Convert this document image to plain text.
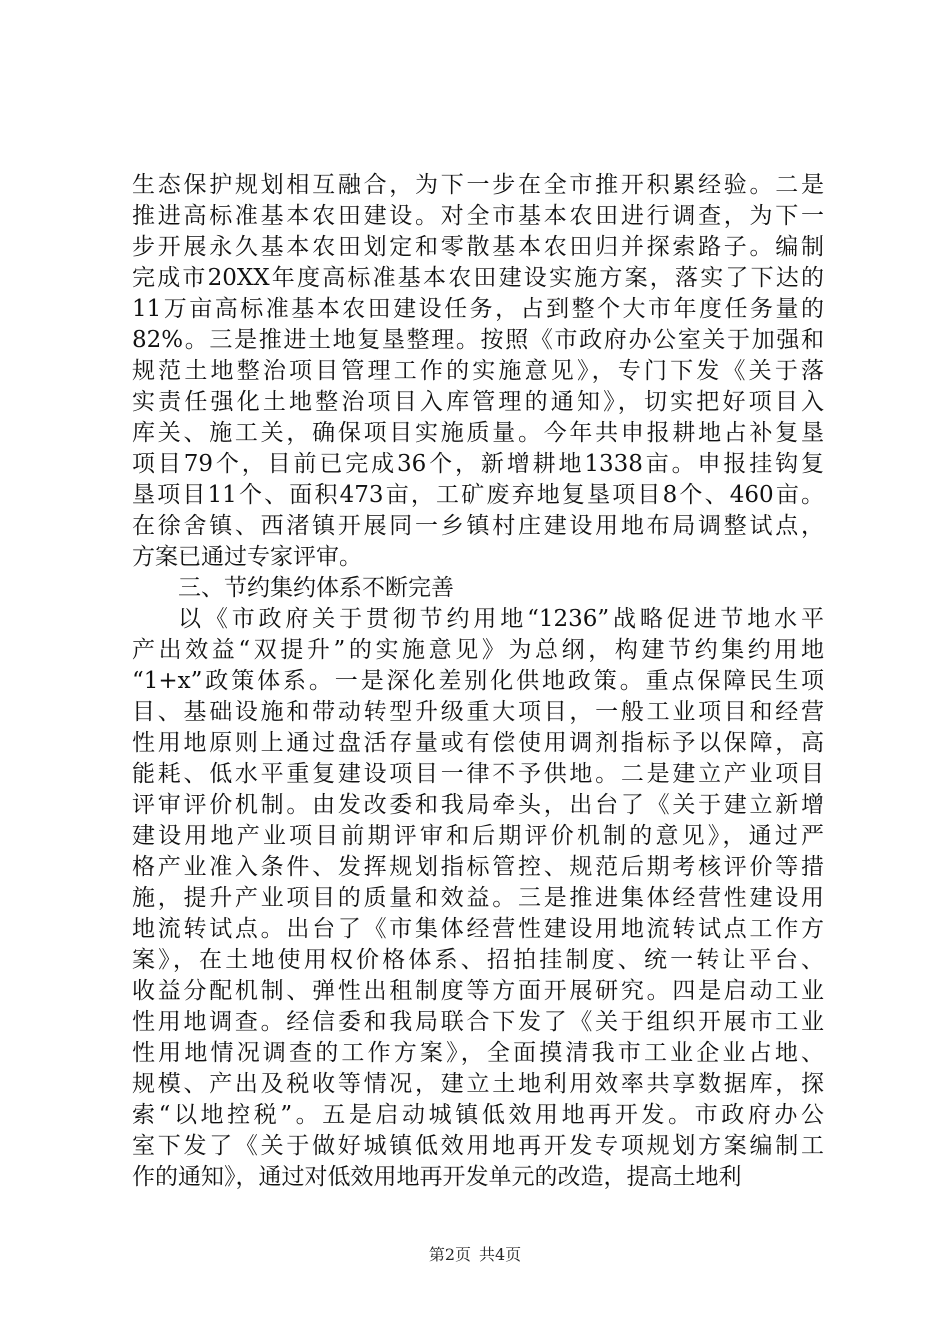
生态保护规划相互融合，为下一步在全市推开积累经验。二是
推进高标准基本农田建设。对全市基本农田进行调查，为下一
步开展永久基本农田划定和零散基本农田归并探索路子。编制
完成市20XX年度高标准基本农田建设实施方案，落实了下达的
11万亩高标准基本农田建设任务，占到整个大市年度任务量的
82%。三是推进土地复垦整理。按照《市政府办公室关于加强和
规范土地整治项目管理工作的实施意见》，专门下发《关于落
实责任强化土地整治项目入库管理的通知》，切实把好项目入
库关、施工关，确保项目实施质量。今年共申报耕地占补复垦
项目79个，目前已完成36个，新增耕地1338亩。申报挂钩复
垦项目11个、面积473亩，工矿废弃地复垦项目8个、460亩。
在徐舍镇、西渚镇开展同一乡镇村庄建设用地布局调整试点，
方案已通过专家评审。
三、节约集约体系不断完善
以《市政府关于贯彻节约用地“1236”战略促进节地水平
产出效益“双提升”的实施意见》为总纲，构建节约集约用地
“1+x”政策体系。一是深化差别化供地政策。重点保障民生项
目、基础设施和带动转型升级重大项目，一般工业项目和经营
性用地原则上通过盘活存量或有偿使用调剂指标予以保障，高
能耗、低水平重复建设项目一律不予供地。二是建立产业项目
评审评价机制。由发改委和我局牵头，出台了《关于建立新增
建设用地产业项目前期评审和后期评价机制的意见》，通过严
格产业准入条件、发挥规划指标管控、规范后期考核评价等措
施，提升产业项目的质量和效益。三是推进集体经营性建设用
地流转试点。出台了《市集体经营性建设用地流转试点工作方
案》，在土地使用权价格体系、招拍挂制度、统一转让平台、
收益分配机制、弹性出租制度等方面开展研究。四是启动工业
性用地调查。经信委和我局联合下发了《关于组织开展市工业
性用地情况调查的工作方案》，全面摸清我市工业企业占地、
规模、产出及税收等情况，建立土地利用效率共享数据库，探
索“以地控税”。五是启动城镇低效用地再开发。市政府办公
室下发了《关于做好城镇低效用地再开发专项规划方案编制工
作的通知》，通过对低效用地再开发单元的改造，提高土地利
第2页 共4页
